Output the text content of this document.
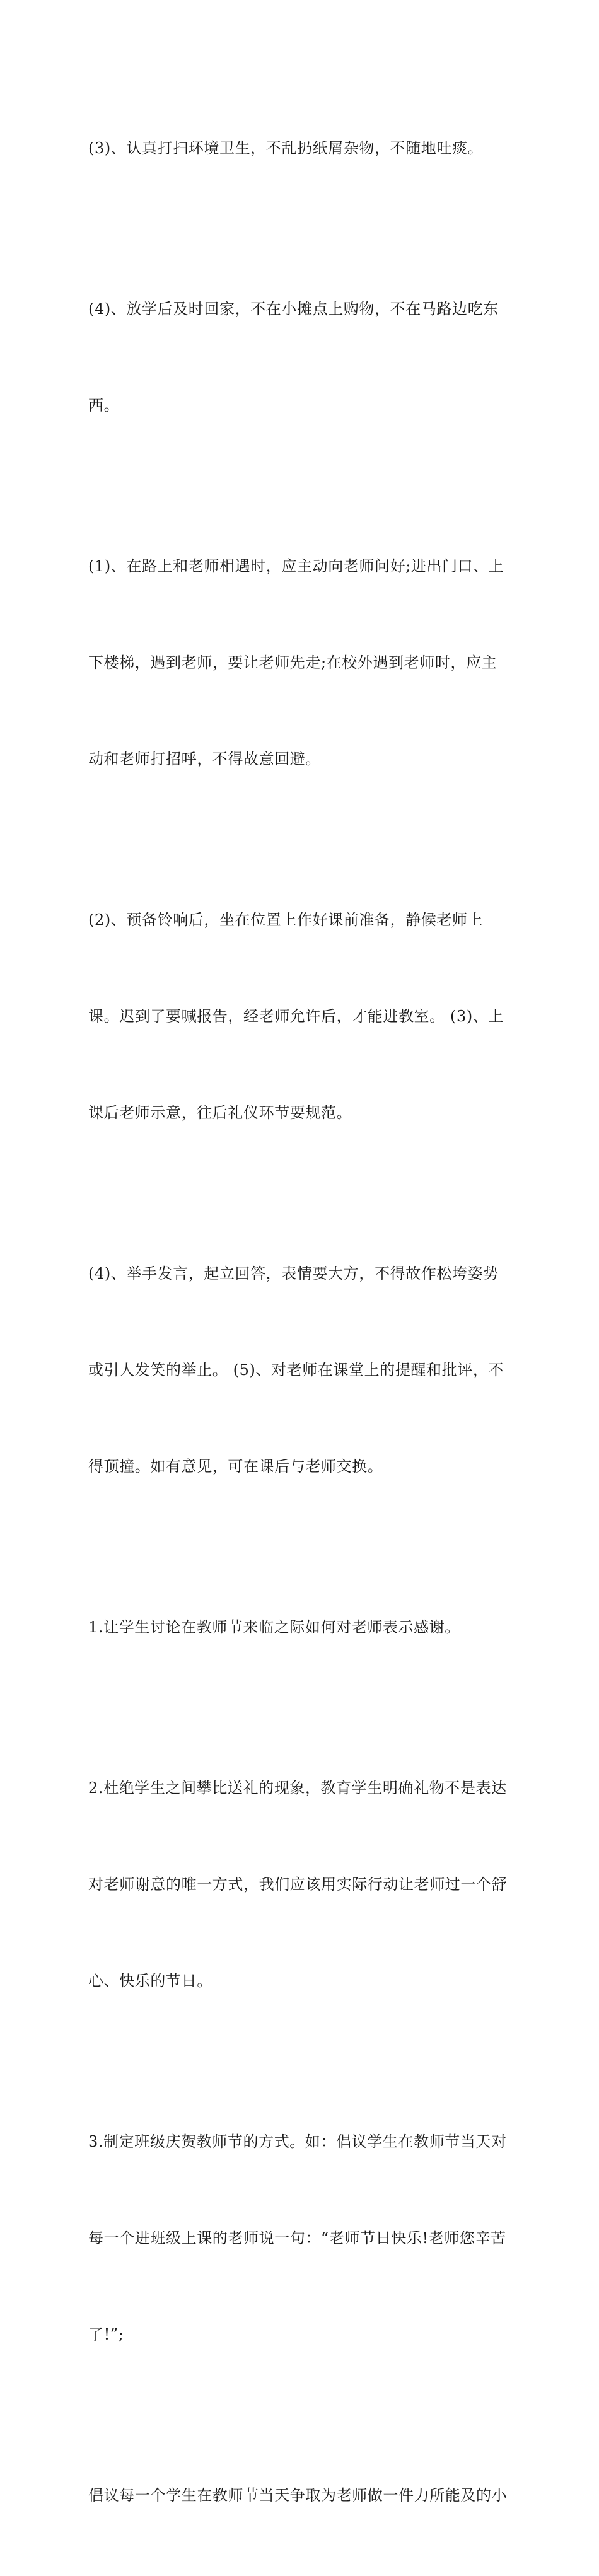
(3)、认真打扫环境卫生，不乱扔纸屑杂物，不随地吐痰。

(4)、放学后及时回家，不在小摊点上购物，不在马路边吃东

西。

(1)、在路上和老师相遇时，应主动向老师问好;进出门口、上

下楼梯，遇到老师，要让老师先走;在校外遇到老师时，应主

动和老师打招呼，不得故意回避。

(2)、预备铃响后，坐在位置上作好课前准备，静候老师上

课。迟到了要喊报告，经老师允许后，才能进教室。 (3)、上

课后老师示意，往后礼仪环节要规范。

(4)、举手发言，起立回答，表情要大方，不得故作松垮姿势

或引人发笑的举止。 (5)、对老师在课堂上的提醒和批评，不

得顶撞。如有意见，可在课后与老师交换。

1.让学生讨论在教师节来临之际如何对老师表示感谢。

2.杜绝学生之间攀比送礼的现象，教育学生明确礼物不是表达

对老师谢意的唯一方式，我们应该用实际行动让老师过一个舒

心、快乐的节日。

3.制定班级庆贺教师节的方式。如：倡议学生在教师节当天对

每一个进班级上课的老师说一句：“老师节日快乐!老师您辛苦

了!”;

倡议每一个学生在教师节当天争取为老师做一件力所能及的小
